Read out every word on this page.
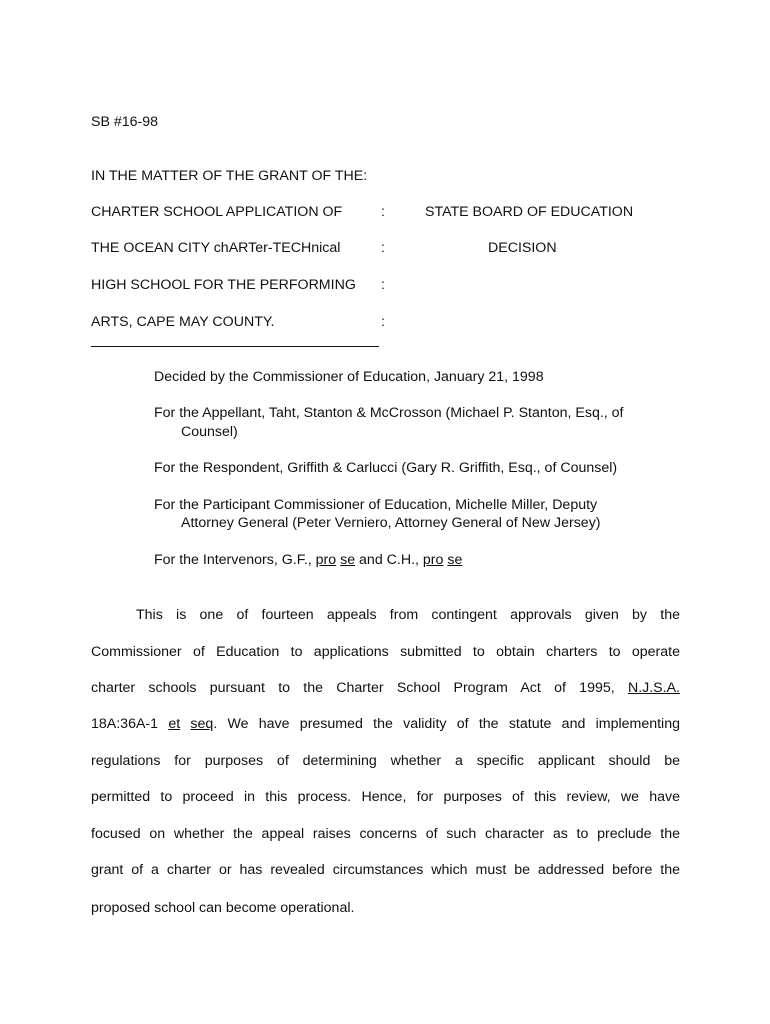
SB #16-98
IN THE MATTER OF THE GRANT OF THE:
CHARTER SCHOOL APPLICATION OF	:	STATE BOARD OF EDUCATION
THE OCEAN CITY chARTer-TECHnical	:	DECISION
HIGH SCHOOL FOR THE PERFORMING :
ARTS, CAPE MAY COUNTY.	:
Decided by the Commissioner of Education, January 21, 1998
For the Appellant, Taht, Stanton & McCrosson (Michael P. Stanton, Esq., of
Counsel)
For the Respondent, Griffith & Carlucci (Gary R. Griffith, Esq., of Counsel)
For the Participant Commissioner of Education, Michelle Miller, Deputy
Attorney General (Peter Verniero, Attorney General of New Jersey)
For the Intervenors, G.F., pro se and C.H., pro se
This is one of fourteen appeals from contingent approvals given by the
Commissioner of Education to applications submitted to obtain charters to operate
charter schools pursuant to the Charter School Program Act of 1995, N.J.S.A.
18A:36A-1 et seq. We have presumed the validity of the statute and implementing
regulations for purposes of determining whether a specific applicant should be
permitted to proceed in this process. Hence, for purposes of this review, we have
focused on whether the appeal raises concerns of such character as to preclude the
grant of a charter or has revealed circumstances which must be addressed before the
proposed school can become operational.
